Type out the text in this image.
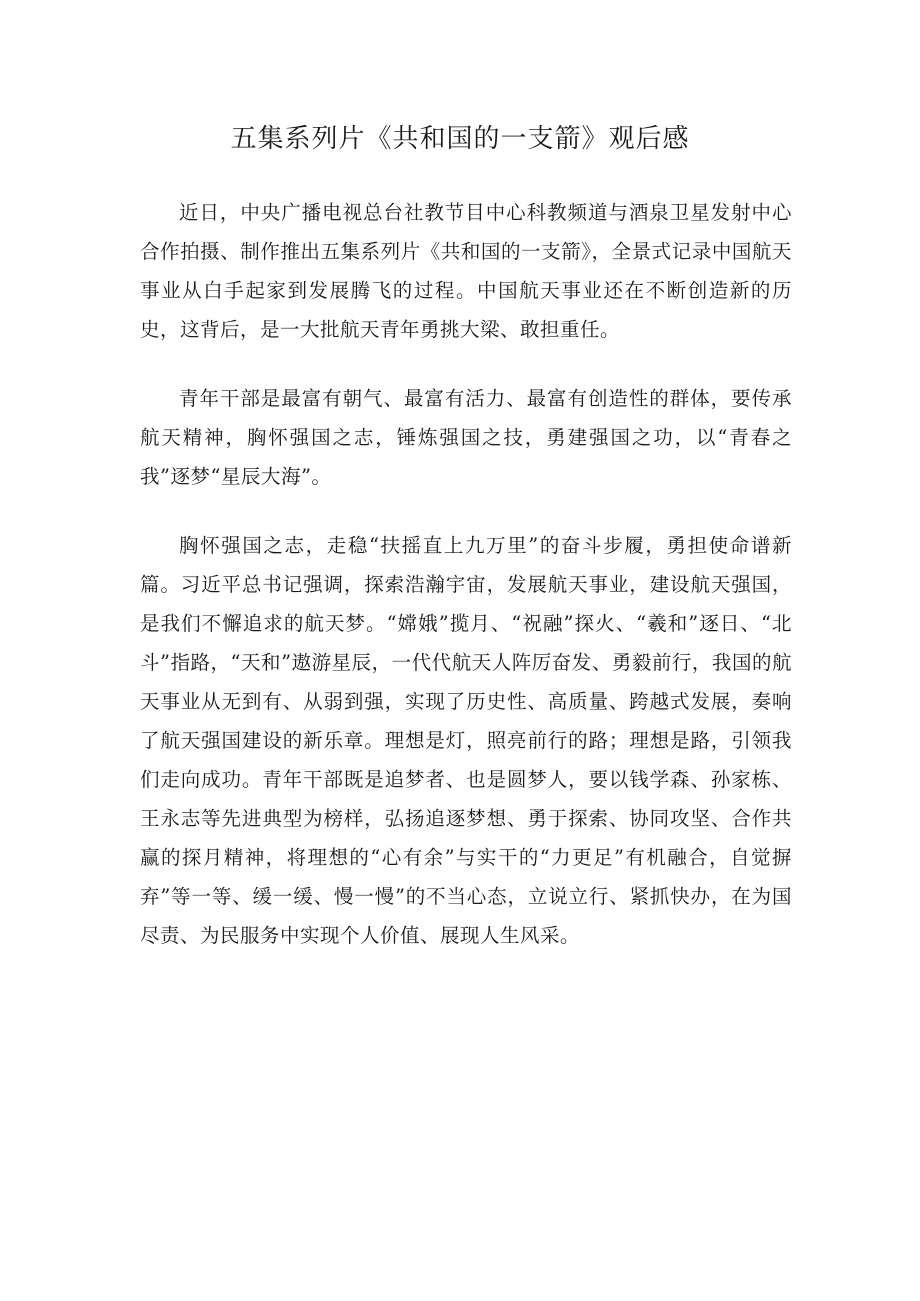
五集系列片《共和国的一支箭》观后感

近日，中央广播电视总台社教节目中心科教频道与酒泉卫星发射中心合作拍摄、制作推出五集系列片《共和国的一支箭》，全景式记录中国航天事业从白手起家到发展腾飞的过程。中国航天事业还在不断创造新的历史，这背后，是一大批航天青年勇挑大梁、敢担重任。

青年干部是最富有朝气、最富有活力、最富有创造性的群体，要传承航天精神，胸怀强国之志，锤炼强国之技，勇建强国之功，以“青春之我”逐梦“星辰大海”。

胸怀强国之志，走稳“扶摇直上九万里”的奋斗步履，勇担使命谱新篇。习近平总书记强调，探索浩瀚宇宙，发展航天事业，建设航天强国，是我们不懈追求的航天梦。“嫦娥”揽月、“祝融”探火、“羲和”逐日、“北斗”指路，“天和”遨游星辰，一代代航天人阵厉奋发、勇毅前行，我国的航天事业从无到有、从弱到强，实现了历史性、高质量、跨越式发展，奏响了航天强国建设的新乐章。理想是灯，照亮前行的路；理想是路，引领我们走向成功。青年干部既是追梦者、也是圆梦人，要以钱学森、孙家栋、王永志等先进典型为榜样，弘扬追逐梦想、勇于探索、协同攻坚、合作共赢的探月精神，将理想的“心有余”与实干的“力更足”有机融合，自觉摒弃”等一等、缓一缓、慢一慢”的不当心态，立说立行、紧抓快办，在为国尽责、为民服务中实现个人价值、展现人生风采。
